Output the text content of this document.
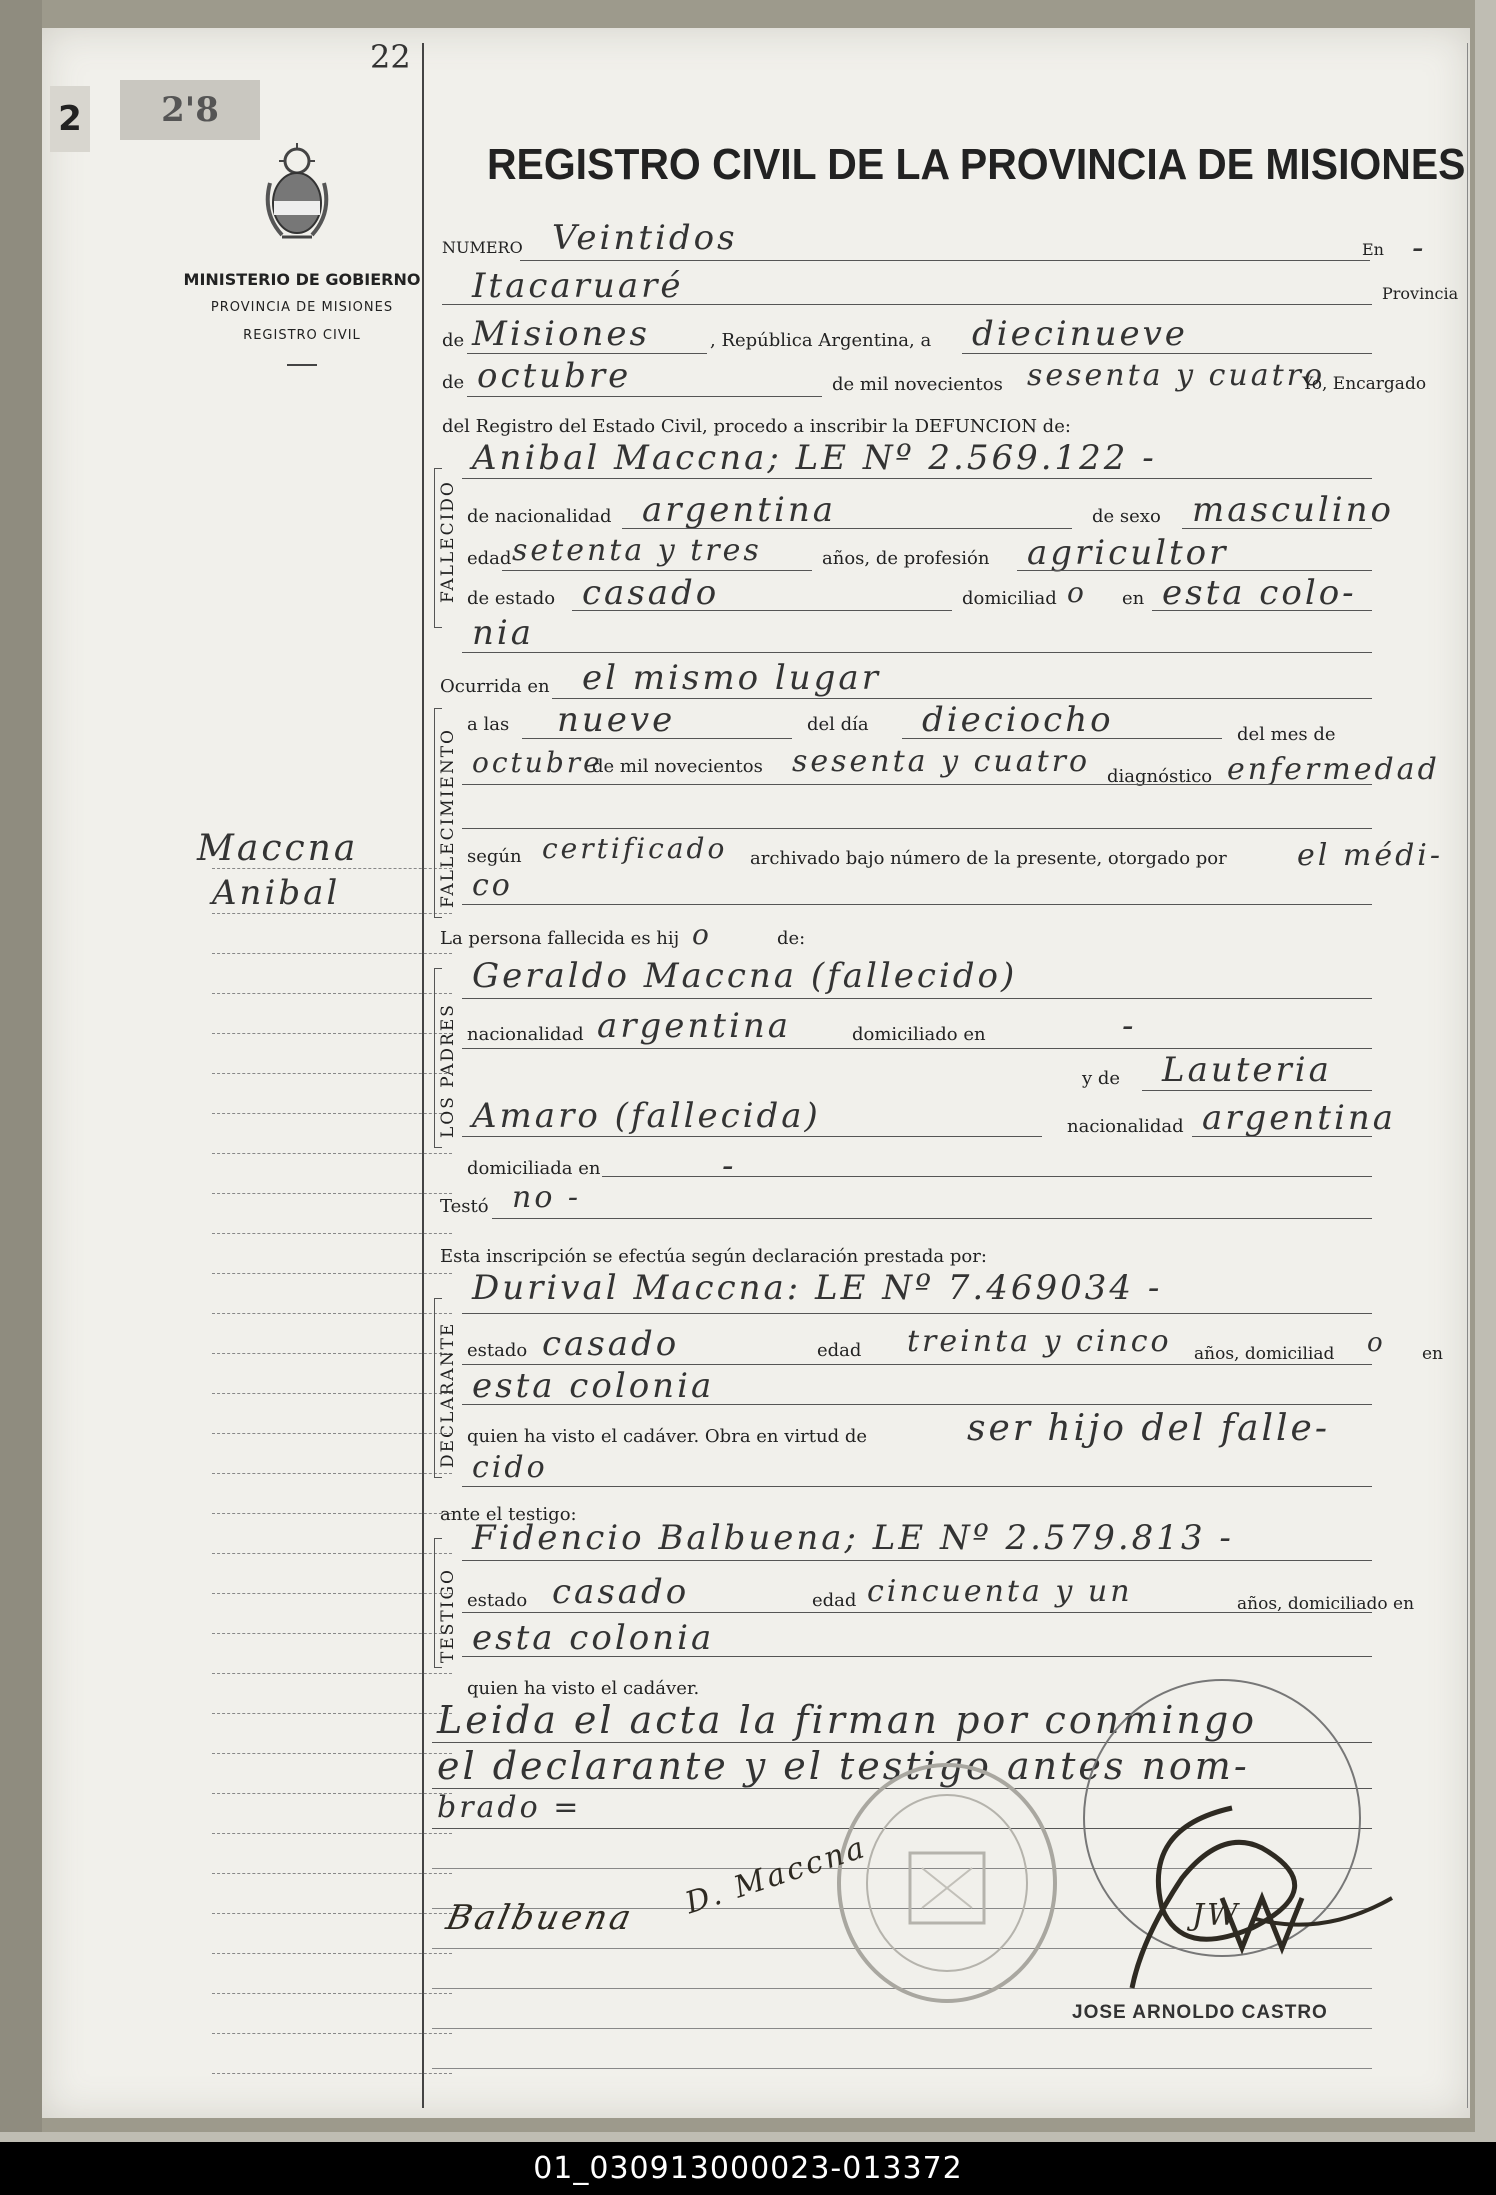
2	2'8
22
MINISTERIO DE GOBIERNO
PROVINCIA DE MISIONES
REGISTRO CIVIL
Maccna
Anibal
REGISTRO CIVIL DE LA PROVINCIA DE MISIONES
NUMERO Veintidos	En -
Itacaruaré	Provincia
de Misiones	, República Argentina, a diecinueve
de octubre	de mil novecientos sesenta y cuatro
Yo, Encargado
del Registro del Estado Civil, procedo a inscribir la DEFUNCION de:
FALLECIDO
Anibal Maccna; LE Nº 2.569.122 -
de nacionalidad argentina	de sexo masculino
edad setenta y tres	años, de profesión agricultor
de estado casado	domiciliad o en esta colo-
nia
Ocurrida en el mismo lugar
FALLECIMIENTO
a las nueve	del día dieciocho	del mes de
octubre
de mil novecientos sesenta y cuatro diagnóstico enfermedad
según certificado archivado bajo número de la presente, otorgado por el médi-
co
La persona fallecida es hij o	de:
LOS PADRES
Geraldo Maccna (fallecido)
nacionalidad argentina	domiciliado en	-
y de Lauteria
Amaro (fallecida)	nacionalidad argentina
domiciliada en	-
Testó no -
Esta inscripción se efectúa según declaración prestada por:
DECLARANTE
Durival Maccna: LE Nº 7.469034 -
estado casado	edad treinta y cinco años, domiciliad o en
esta colonia
quien ha visto el cadáver. Obra en virtud de	ser hijo del falle-
cido
ante el testigo:
TESTIGO
Fidencio Balbuena; LE Nº 2.579.813 -
estado casado	edad cincuenta y un	años, domiciliado en
esta colonia
quien ha visto el cadáver.
Leida el acta la firman por conmingo
el declarante y el testigo antes nom-
brado =
Balbuena D. Maccna	JW
JOSE ARNOLDO CASTRO
01_030913000023-013372
